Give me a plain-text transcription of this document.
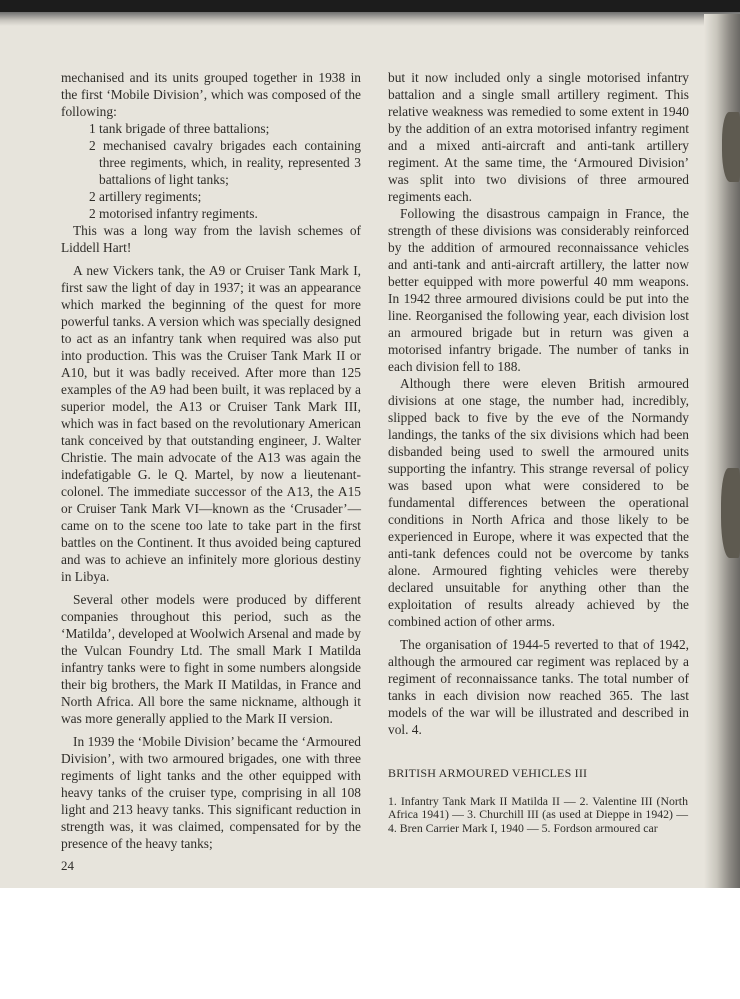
mechanised and its units grouped together in 1938 in the first ‘Mobile Division’, which was composed of the following:

1 tank brigade of three battalions;
2 mechanised cavalry brigades each containing three regiments, which, in reality, represented 3 battalions of light tanks;
2 artillery regiments;
2 motorised infantry regiments.

This was a long way from the lavish schemes of Liddell Hart!

A new Vickers tank, the A9 or Cruiser Tank Mark I, first saw the light of day in 1937; it was an appearance which marked the beginning of the quest for more powerful tanks. A version which was specially designed to act as an infantry tank when required was also put into production. This was the Cruiser Tank Mark II or A10, but it was badly received. After more than 125 examples of the A9 had been built, it was replaced by a superior model, the A13 or Cruiser Tank Mark III, which was in fact based on the revolutionary American tank conceived by that outstanding engineer, J. Walter Christie. The main advocate of the A13 was again the indefatigable G. le Q. Martel, by now a lieutenant-colonel. The immediate successor of the A13, the A15 or Cruiser Tank Mark VI—known as the ‘Crusader’—came on to the scene too late to take part in the first battles on the Continent. It thus avoided being captured and was to achieve an infinitely more glorious destiny in Libya.

Several other models were produced by different companies throughout this period, such as the ‘Matilda’, developed at Woolwich Arsenal and made by the Vulcan Foundry Ltd. The small Mark I Matilda infantry tanks were to fight in some numbers alongside their big brothers, the Mark II Matildas, in France and North Africa. All bore the same nickname, although it was more generally applied to the Mark II version.

In 1939 the ‘Mobile Division’ became the ‘Armoured Division’, with two armoured brigades, one with three regiments of light tanks and the other equipped with heavy tanks of the cruiser type, comprising in all 108 light and 213 heavy tanks. This significant reduction in strength was, it was claimed, compensated for by the presence of the heavy tanks;

but it now included only a single motorised infantry battalion and a single small artillery regiment. This relative weakness was remedied to some extent in 1940 by the addition of an extra motorised infantry regiment and a mixed anti-aircraft and anti-tank artillery regiment. At the same time, the ‘Armoured Division’ was split into two divisions of three armoured regiments each.

Following the disastrous campaign in France, the strength of these divisions was considerably reinforced by the addition of armoured reconnaissance vehicles and anti-tank and anti-aircraft artillery, the latter now better equipped with more powerful 40 mm weapons. In 1942 three armoured divisions could be put into the line. Reorganised the following year, each division lost an armoured brigade but in return was given a motorised infantry brigade. The number of tanks in each division fell to 188.

Although there were eleven British armoured divisions at one stage, the number had, incredibly, slipped back to five by the eve of the Normandy landings, the tanks of the six divisions which had been disbanded being used to swell the armoured units supporting the infantry. This strange reversal of policy was based upon what were considered to be fundamental differences between the operational conditions in North Africa and those likely to be experienced in Europe, where it was expected that the anti-tank defences could not be overcome by tanks alone. Armoured fighting vehicles were thereby declared unsuitable for anything other than the exploitation of results already achieved by the combined action of other arms.

The organisation of 1944-5 reverted to that of 1942, although the armoured car regiment was replaced by a regiment of reconnaissance tanks. The total number of tanks in each division now reached 365. The last models of the war will be illustrated and described in vol. 4.

BRITISH ARMOURED VEHICLES III
1. Infantry Tank Mark II Matilda II — 2. Valentine III (North Africa 1941) — 3. Churchill III (as used at Dieppe in 1942) — 4. Bren Carrier Mark I, 1940 — 5. Fordson armoured car
24
